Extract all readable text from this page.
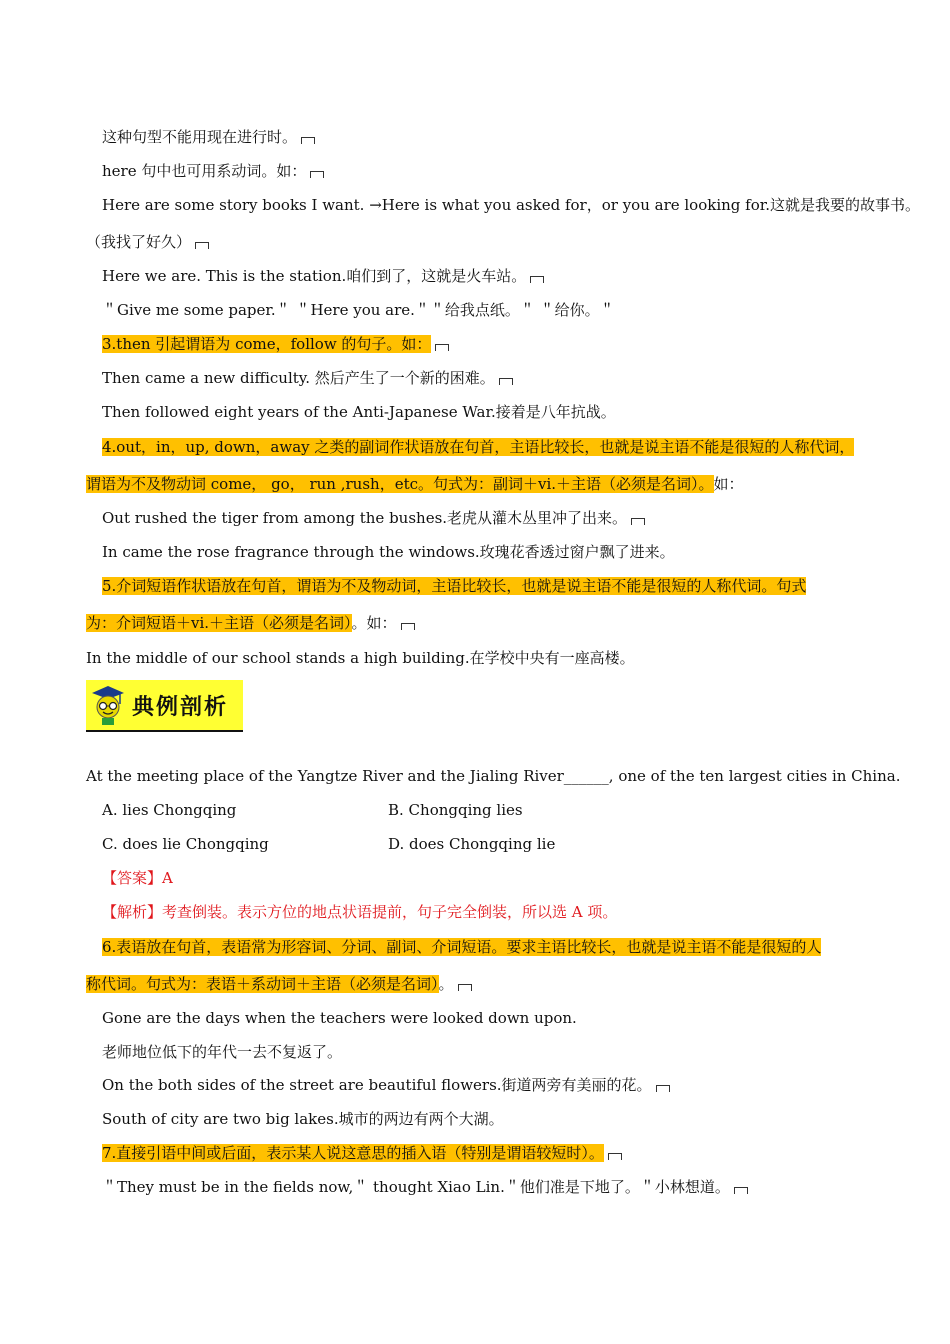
这种句型不能用现在进行时。
here 句中也可用系动词。如：
Here are some story books I want. →Here is what you asked for，or you are looking for.这就是我要的故事书。
（我找了好久）
Here we are. This is the station.咱们到了，这就是火车站。
＂Give me some paper.＂ ＂Here you are.＂＂给我点纸。＂ ＂给你。＂
3.then 引起谓语为 come，follow 的句子。如：
Then came a new difficulty. 然后产生了一个新的困难。
Then followed eight years of the Anti-Japanese War.接着是八年抗战。
4.out，in，up, down，away 之类的副词作状语放在句首，主语比较长，也就是说主语不能是很短的人称代词，
谓语为不及物动词 come， go， run ,rush，etc。句式为：副词＋vi.＋主语（必须是名词）。如：
Out rushed the tiger from among the bushes.老虎从灌木丛里冲了出来。
In came the rose fragrance through the windows.玫瑰花香透过窗户飘了进来。
5.介词短语作状语放在句首，谓语为不及物动词，主语比较长，也就是说主语不能是很短的人称代词。句式
为：介词短语＋vi.＋主语（必须是名词）。如：
In the middle of our school stands a high building.在学校中央有一座高楼。
典例剖析
At the meeting place of the Yangtze River and the Jialing River______, one of the ten largest cities in China.
A. lies Chongqing	B. Chongqing lies
C. does lie Chongqing	D. does Chongqing lie
【答案】A
【解析】考查倒装。表示方位的地点状语提前，句子完全倒装，所以选 A 项。
6.表语放在句首，表语常为形容词、分词、副词、介词短语。要求主语比较长，也就是说主语不能是很短的人
称代词。句式为：表语＋系动词＋主语（必须是名词）。
Gone are the days when the teachers were looked down upon.
老师地位低下的年代一去不复返了。
On the both sides of the street are beautiful flowers.街道两旁有美丽的花。
South of city are two big lakes.城市的两边有两个大湖。
7.直接引语中间或后面，表示某人说这意思的插入语（特别是谓语较短时）。
＂They must be in the fields now,＂ thought Xiao Lin.＂他们准是下地了。＂小林想道。
